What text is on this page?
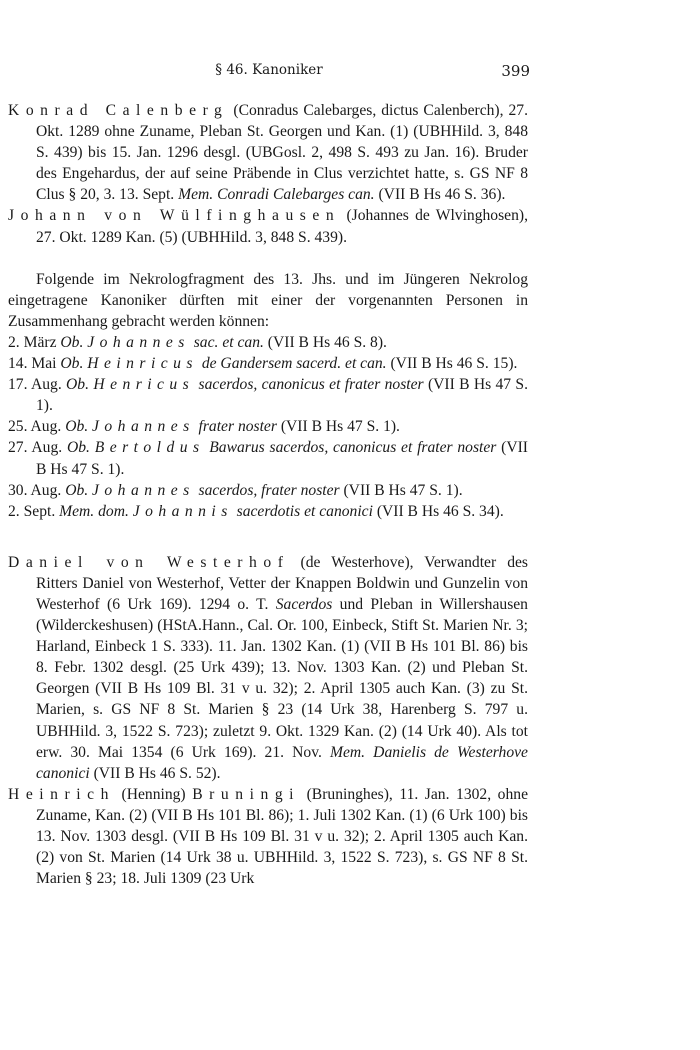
§ 46. Kanoniker	399

Konrad Calenberg (Conradus Calebarges, dictus Calenberch), 27. Okt. 1289 ohne Zuname, Pleban St. Georgen und Kan. (1) (UBHHild. 3, 848 S. 439) bis 15. Jan. 1296 desgl. (UBGosl. 2, 498 S. 493 zu Jan. 16). Bruder des Engehardus, der auf seine Präbende in Clus verzichtet hatte, s. GS NF 8 Clus § 20, 3. 13. Sept. Mem. Conradi Calebarges can. (VII B Hs 46 S. 36).

Johann von Wülfinghausen (Johannes de Wlvinghosen), 27. Okt. 1289 Kan. (5) (UBHHild. 3, 848 S. 439).

Folgende im Nekrologfragment des 13. Jhs. und im Jüngeren Nekrolog eingetragene Kanoniker dürften mit einer der vorgenannten Personen in Zusammenhang gebracht werden können:

2. März Ob. Johannes sac. et can. (VII B Hs 46 S. 8).

14. Mai Ob. Heinricus de Gandersem sacerd. et can. (VII B Hs 46 S. 15).

17. Aug. Ob. Henricus sacerdos, canonicus et frater noster (VII B Hs 47 S. 1).

25. Aug. Ob. Johannes frater noster (VII B Hs 47 S. 1).

27. Aug. Ob. Bertoldus Bawarus sacerdos, canonicus et frater noster (VII B Hs 47 S. 1).

30. Aug. Ob. Johannes sacerdos, frater noster (VII B Hs 47 S. 1).

2. Sept. Mem. dom. Johannis sacerdotis et canonici (VII B Hs 46 S. 34).

Daniel von Westerhof (de Westerhove), Verwandter des Ritters Daniel von Westerhof, Vetter der Knappen Boldwin und Gunzelin von Westerhof (6 Urk 169). 1294 o. T. Sacerdos und Pleban in Willershausen (Wilderckeshusen) (HStA.Hann., Cal. Or. 100, Einbeck, Stift St. Marien Nr. 3; Harland, Einbeck 1 S. 333). 11. Jan. 1302 Kan. (1) (VII B Hs 101 Bl. 86) bis 8. Febr. 1302 desgl. (25 Urk 439); 13. Nov. 1303 Kan. (2) und Pleban St. Georgen (VII B Hs 109 Bl. 31 v u. 32); 2. April 1305 auch Kan. (3) zu St. Marien, s. GS NF 8 St. Marien § 23 (14 Urk 38, Harenberg S. 797 u. UBHHild. 3, 1522 S. 723); zuletzt 9. Okt. 1329 Kan. (2) (14 Urk 40). Als tot erw. 30. Mai 1354 (6 Urk 169). 21. Nov. Mem. Danielis de Westerhove canonici (VII B Hs 46 S. 52).

Heinrich (Henning) Bruningi (Bruninghes), 11. Jan. 1302, ohne Zuname, Kan. (2) (VII B Hs 101 Bl. 86); 1. Juli 1302 Kan. (1) (6 Urk 100) bis 13. Nov. 1303 desgl. (VII B Hs 109 Bl. 31 v u. 32); 2. April 1305 auch Kan. (2) von St. Marien (14 Urk 38 u. UBHHild. 3, 1522 S. 723), s. GS NF 8 St. Marien § 23; 18. Juli 1309 (23 Urk
